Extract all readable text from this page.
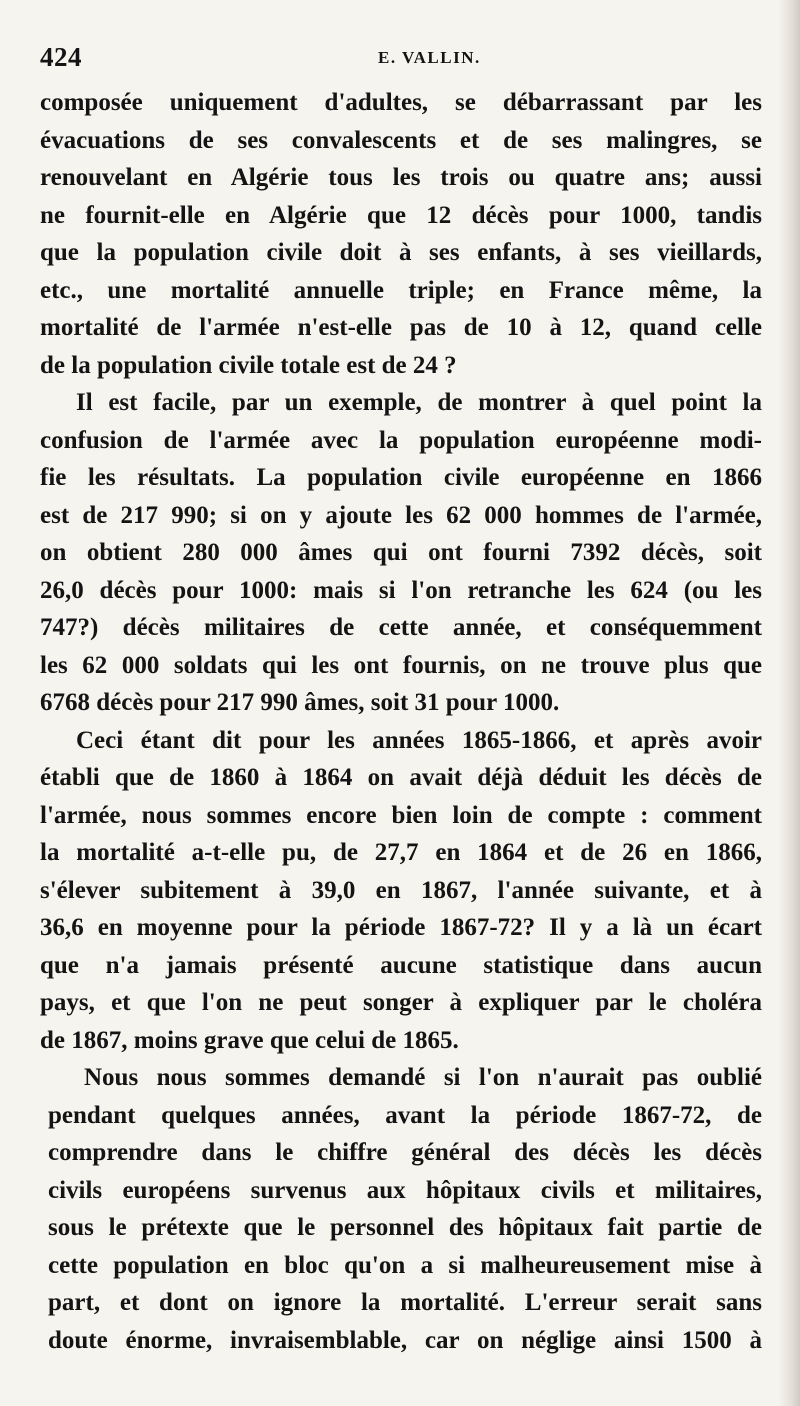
424	E. VALLIN.
composée uniquement d'adultes, se débarrassant par les
évacuations de ses convalescents et de ses malingres, se
renouvelant en Algérie tous les trois ou quatre ans; aussi
ne fournit-elle en Algérie que 12 décès pour 1000, tandis
que la population civile doit à ses enfants, à ses vieillards,
etc., une mortalité annuelle triple; en France même, la
mortalité de l'armée n'est-elle pas de 10 à 12, quand celle
de la population civile totale est de 24 ?
Il est facile, par un exemple, de montrer à quel point la
confusion de l'armée avec la population européenne modi-
fie les résultats. La population civile européenne en 1866
est de 217 990; si on y ajoute les 62 000 hommes de l'armée,
on obtient 280 000 âmes qui ont fourni 7392 décès, soit
26,0 décès pour 1000: mais si l'on retranche les 624 (ou les
747?) décès militaires de cette année, et conséquemment
les 62 000 soldats qui les ont fournis, on ne trouve plus que
6768 décès pour 217 990 âmes, soit 31 pour 1000.
Ceci étant dit pour les années 1865-1866, et après avoir
établi que de 1860 à 1864 on avait déjà déduit les décès de
l'armée, nous sommes encore bien loin de compte : comment
la mortalité a-t-elle pu, de 27,7 en 1864 et de 26 en 1866,
s'élever subitement à 39,0 en 1867, l'année suivante, et à
36,6 en moyenne pour la période 1867-72? Il y a là un écart
que n'a jamais présenté aucune statistique dans aucun
pays, et que l'on ne peut songer à expliquer par le choléra
de 1867, moins grave que celui de 1865.
Nous nous sommes demandé si l'on n'aurait pas oublié
pendant quelques années, avant la période 1867-72, de
comprendre dans le chiffre général des décès les décès
civils européens survenus aux hôpitaux civils et militaires,
sous le prétexte que le personnel des hôpitaux fait partie de
cette population en bloc qu'on a si malheureusement mise à
part, et dont on ignore la mortalité. L'erreur serait sans
doute énorme, invraisemblable, car on néglige ainsi 1500 à
